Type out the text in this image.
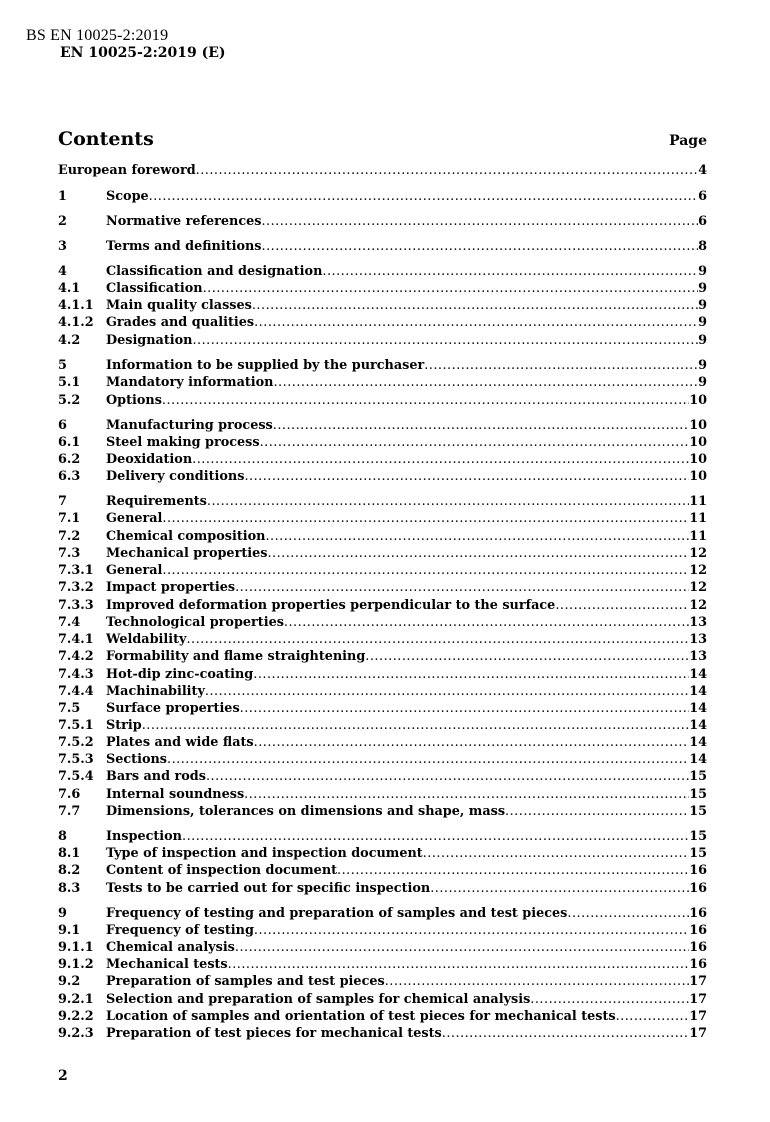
BS EN 10025-2:2019
EN 10025-2:2019 (E)
Contents	Page
European foreword .....	4
1	Scope .....	6
2	Normative references .....	6
3	Terms and definitions .....	8
4	Classification and designation .....	9
4.1	Classification .....	9
4.1.1 Main quality classes .....	9
4.1.2 Grades and qualities .....	9
4.2	Designation .....	9
5	Information to be supplied by the purchaser .....	9
5.1	Mandatory information .....	9
5.2	Options .....	10
6	Manufacturing process .....	10
6.1	Steel making process .....	10
6.2	Deoxidation .....	10
6.3	Delivery conditions .....	10
7	Requirements .....	11
7.1	General .....	11
7.2	Chemical composition .....	11
7.3	Mechanical properties .....	12
7.3.1 General .....	12
7.3.2 Impact properties .....	12
7.3.3 Improved deformation properties perpendicular to the surface .....	12
7.4	Technological properties .....	13
7.4.1 Weldability .....	13
7.4.2 Formability and flame straightening .....	13
7.4.3 Hot-dip zinc-coating .....	14
7.4.4 Machinability .....	14
7.5	Surface properties .....	14
7.5.1 Strip .....	14
7.5.2 Plates and wide flats .....	14
7.5.3 Sections .....	14
7.5.4 Bars and rods .....	15
7.6	Internal soundness .....	15
7.7	Dimensions, tolerances on dimensions and shape, mass .....	15
8	Inspection .....	15
8.1	Type of inspection and inspection document .....	15
8.2	Content of inspection document .....	16
8.3	Tests to be carried out for specific inspection .....	16
9	Frequency of testing and preparation of samples and test pieces .....	16
9.1	Frequency of testing .....	16
9.1.1 Chemical analysis .....	16
9.1.2 Mechanical tests .....	16
9.2	Preparation of samples and test pieces .....	17
9.2.1 Selection and preparation of samples for chemical analysis .....	17
9.2.2 Location of samples and orientation of test pieces for mechanical tests .....	17
9.2.3 Preparation of test pieces for mechanical tests .....	17
2
